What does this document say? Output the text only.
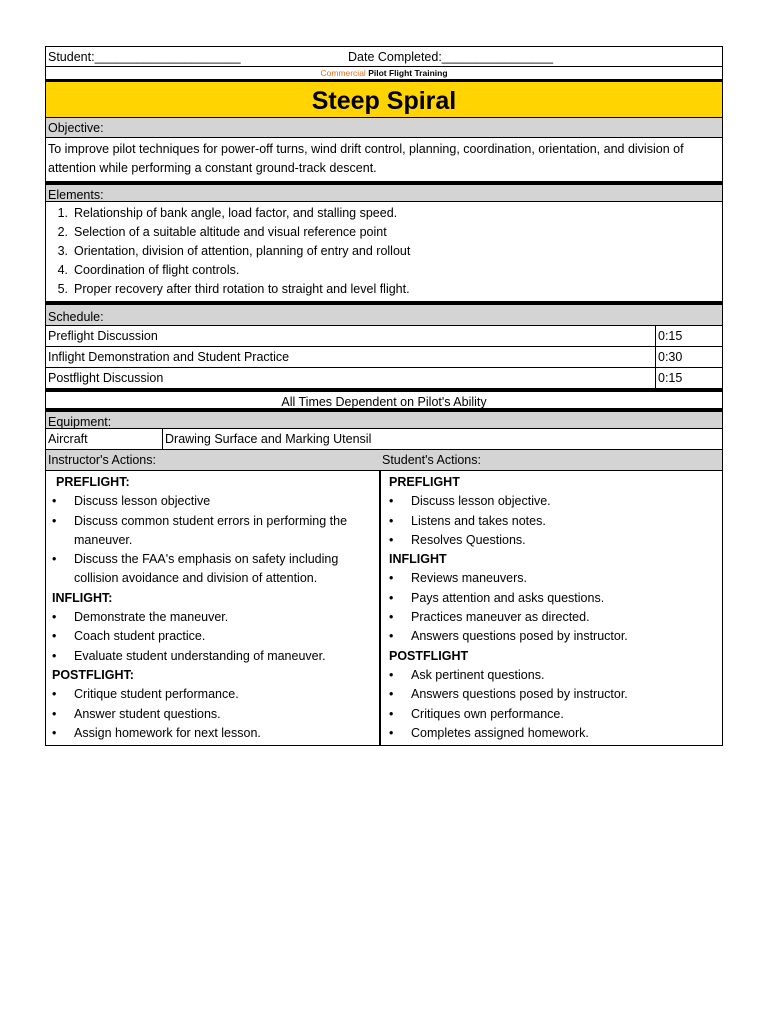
Student:_____________________	Date Completed:________________
Commercial Pilot Flight Training
Steep Spiral
Objective:
To improve pilot techniques for power-off turns, wind drift control, planning, coordination, orientation, and division of attention while performing a constant ground-track descent.
Elements:
1 . Relationship of bank angle, load factor, and stalling speed.
2 . Selection of a suitable altitude and visual reference point
3 . Orientation, division of attention, planning of entry and rollout
4 . Coordination of flight controls.
5 . Proper recovery after third rotation to straight and level flight.
Schedule:
Preflight Discussion	0:15
Inflight Demonstration and Student Practice	0:30
Postflight Discussion	0:15
All Times Dependent on Pilot's Ability
Equipment:
Aircraft	Drawing Surface and Marking Utensil
Instructor's Actions:	Student's Actions:
PREFLIGHT:
•	Discuss lesson objective
•	Discuss common student errors in performing the maneuver.
•	Discuss the FAA's emphasis on safety including collision avoidance and division of attention.
INFLIGHT:
•	Demonstrate the maneuver.
•	Coach student practice.
•	Evaluate student understanding of maneuver.
POSTFLIGHT:
•	Critique student performance.
•	Answer student questions.
•	Assign homework for next lesson.
PREFLIGHT
•	Discuss lesson objective.
•	Listens and takes notes.
•	Resolves Questions.
INFLIGHT
•	Reviews maneuvers.
•	Pays attention and asks questions.
•	Practices maneuver as directed.
•	Answers questions posed by instructor.
POSTFLIGHT
•	Ask pertinent questions.
•	Answers questions posed by instructor.
•	Critiques own performance.
•	Completes assigned homework.
